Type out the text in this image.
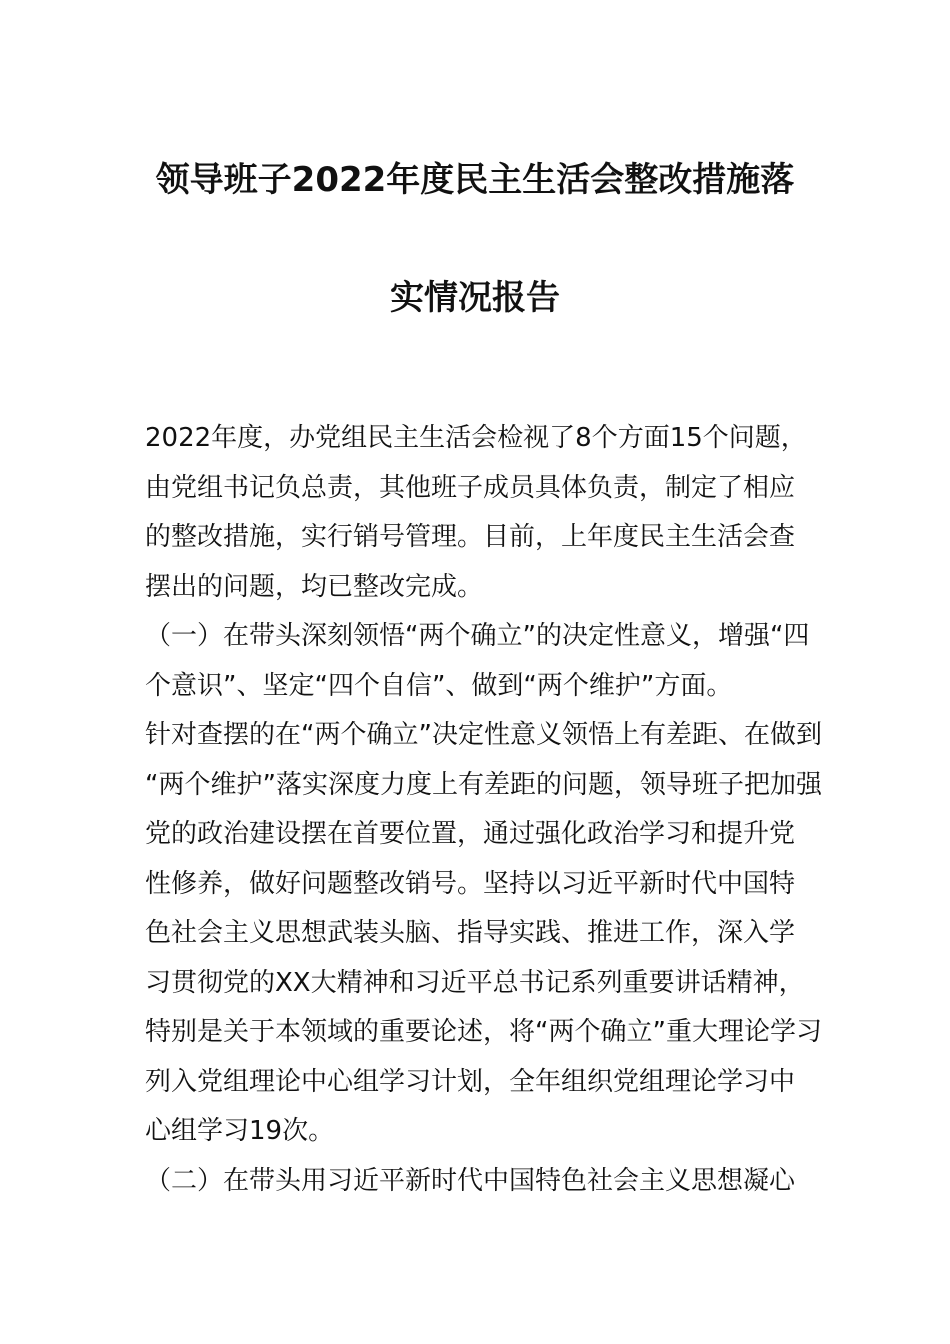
领导班子2022年度民主生活会整改措施落
实情况报告
2022年度，办党组民主生活会检视了8个方面15个问题，
由党组书记负总责，其他班子成员具体负责，制定了相应
的整改措施，实行销号管理。目前，上年度民主生活会查
摆出的问题，均已整改完成。
（一）在带头深刻领悟“两个确立”的决定性意义，增强“四
个意识”、坚定“四个自信”、做到“两个维护”方面。
针对查摆的在“两个确立”决定性意义领悟上有差距、在做到
“两个维护”落实深度力度上有差距的问题，领导班子把加强
党的政治建设摆在首要位置，通过强化政治学习和提升党
性修养，做好问题整改销号。坚持以习近平新时代中国特
色社会主义思想武装头脑、指导实践、推进工作，深入学
习贯彻党的XX大精神和习近平总书记系列重要讲话精神，
特别是关于本领域的重要论述，将“两个确立”重大理论学习
列入党组理论中心组学习计划，全年组织党组理论学习中
心组学习19次。
（二）在带头用习近平新时代中国特色社会主义思想凝心
